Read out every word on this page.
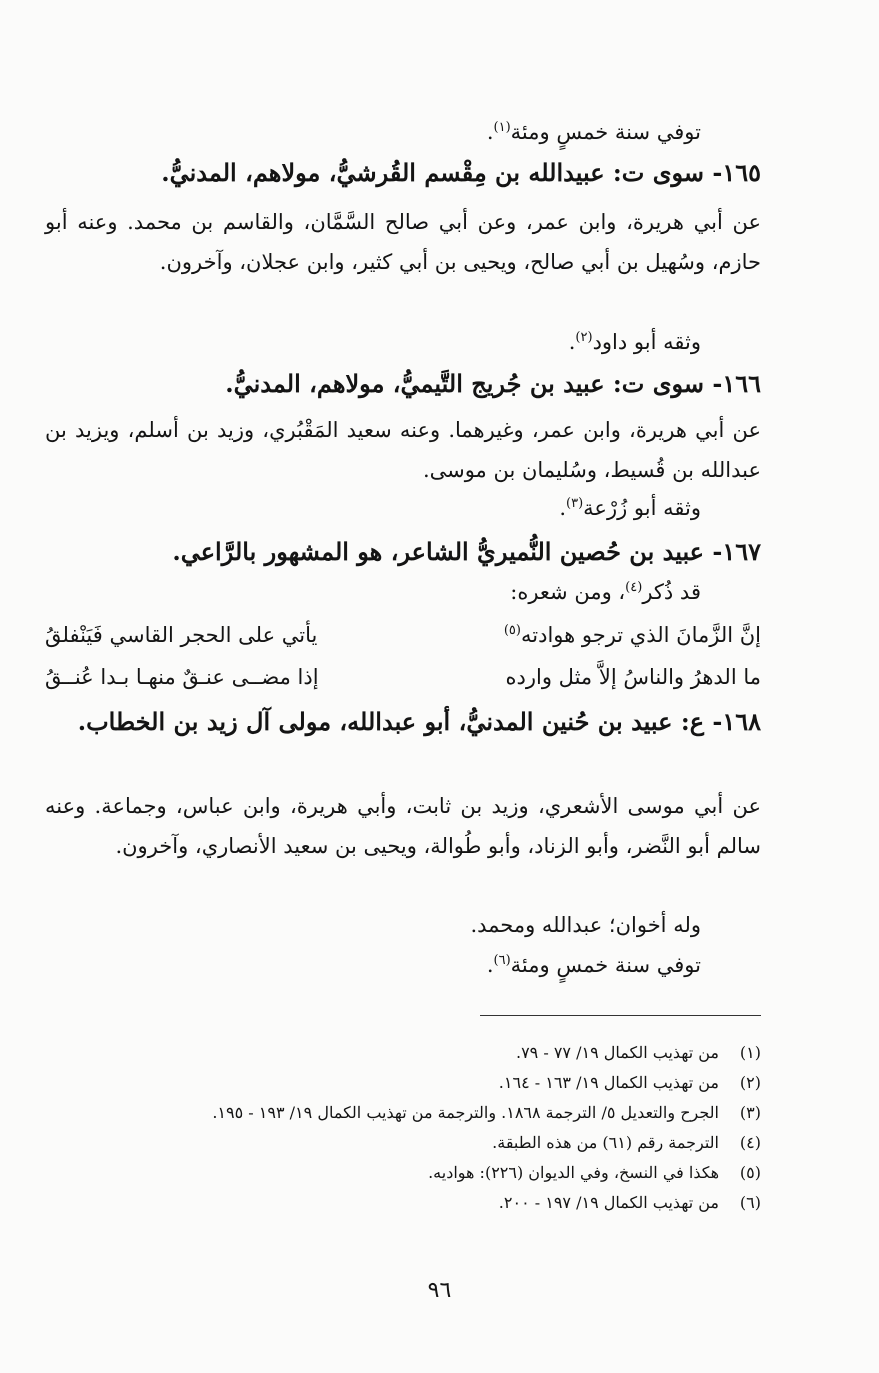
توفي سنة خمسٍ ومئة$^{(١)}$.

١٦٥- سوى ت: عبيدالله بن مِقْسم القُرشيُّ، مولاهم، المدنيُّ.

عن أبي هريرة، وابن عمر، وعن أبي صالح السَّمَّان، والقاسم بن محمد. وعنه أبو حازم، وسُهيل بن أبي صالح، ويحيى بن أبي كثير، وابن عجلان، وآخرون.

وثقه أبو داود$^{(٢)}$.

١٦٦- سوى ت: عبيد بن جُريج التَّيميُّ، مولاهم، المدنيُّ.

عن أبي هريرة، وابن عمر، وغيرهما. وعنه سعيد المَقْبُري، وزيد بن أسلم، ويزيد بن عبدالله بن قُسيط، وسُليمان بن موسى.

وثقه أبو زُرْعة$^{(٣)}$.

١٦٧- عبيد بن حُصين النُّميريُّ الشاعر، هو المشهور بالرَّاعي.

قد ذُكر$^{(٤)}$، ومن شعره:

إنَّ الزَّمانَ الذي ترجو هوادته$^{(٥)}$
يأتي على الحجر القاسي فَيَنْفلقُ
ما الدهرُ والناسُ إلاَّ مثل وارده
إذا مضــى عنـقٌ منهـا بـدا عُنــقُ

١٦٨- ع: عبيد بن حُنين المدنيُّ، أبو عبدالله، مولى آل زيد بن الخطاب.

عن أبي موسى الأشعري، وزيد بن ثابت، وأبي هريرة، وابن عباس، وجماعة. وعنه سالم أبو النَّضر، وأبو الزناد، وأبو طُوالة، ويحيى بن سعيد الأنصاري، وآخرون.

وله أخوان؛ عبدالله ومحمد.

توفي سنة خمسٍ ومئة$^{(٦)}$.

(١)من تهذيب الكمال ١٩/ ٧٧ - ٧٩.
(٢)من تهذيب الكمال ١٩/ ١٦٣ - ١٦٤.
(٣)الجرح والتعديل ٥/ الترجمة ١٨٦٨. والترجمة من تهذيب الكمال ١٩/ ١٩٣ - ١٩٥.
(٤)الترجمة رقم (٦١) من هذه الطبقة.
(٥)هكذا في النسخ، وفي الديوان (٢٢٦): هواديه.
(٦)من تهذيب الكمال ١٩/ ١٩٧ - ٢٠٠.
٩٦
